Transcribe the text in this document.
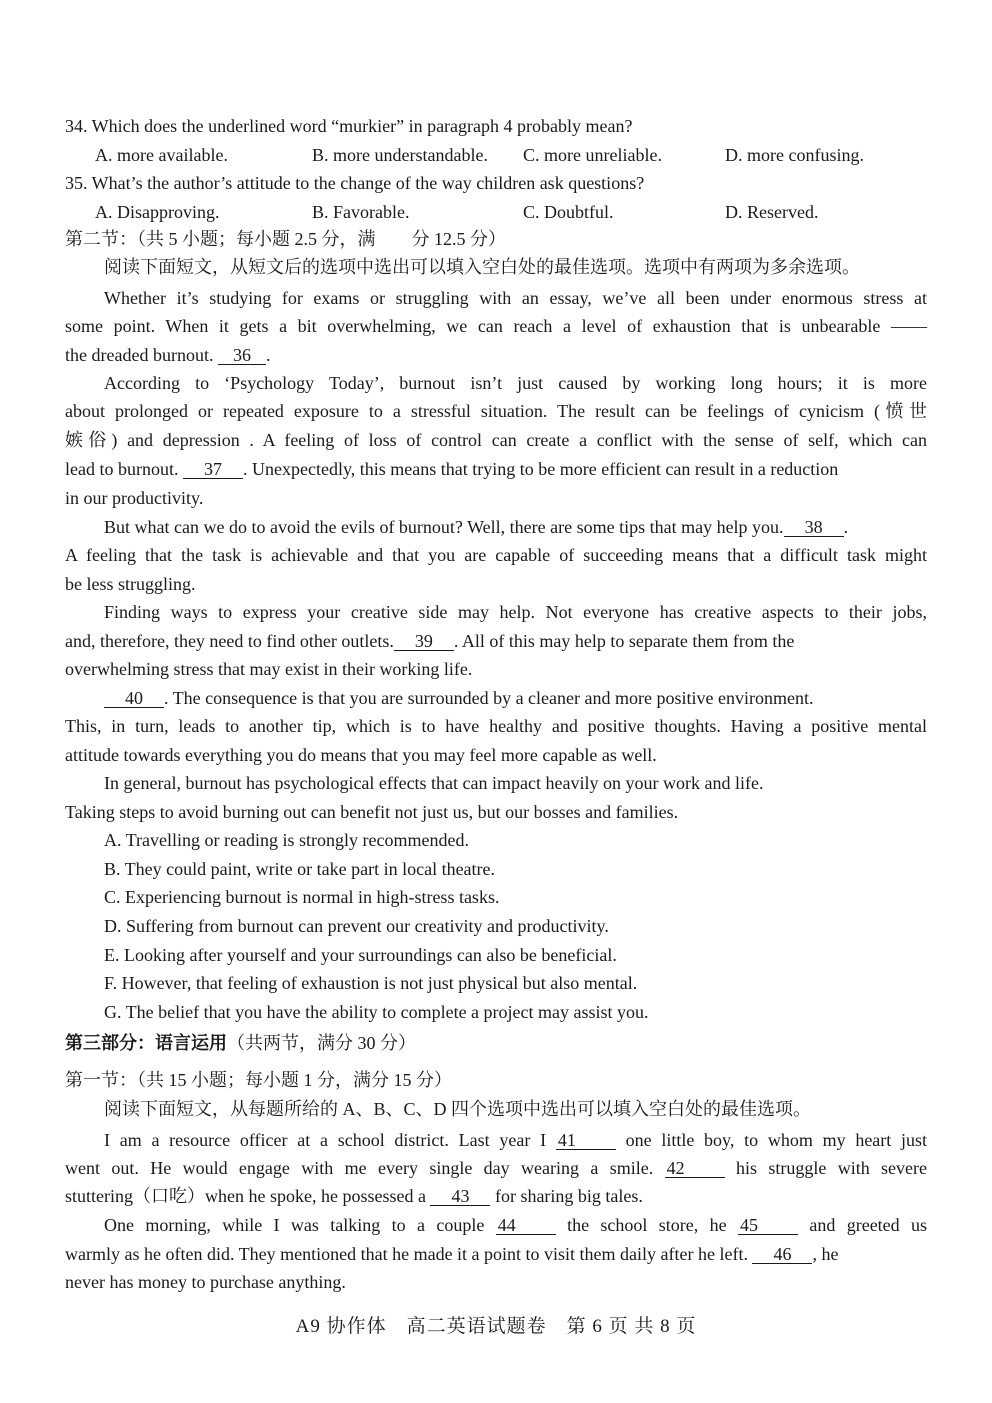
34. Which does the underlined word “murkier” in paragraph 4 probably mean?
A. more available.	B. more understandable. C. more unreliable.	D. more confusing.
35. What’s the author’s attitude to the change of the way children ask questions?
A. Disapproving.	B. Favorable.	C. Doubtful.	D. Reserved.
第二节：（共 5 小题；每小题 2.5 分，满　　分 12.5 分）
阅读下面短文，从短文后的选项中选出可以填入空白处的最佳选项。选项中有两项为多余选项。
Whether it’s studying for exams or struggling with an essay, we’ve all been under enormous stress at
some point. When it gets a bit overwhelming, we can reach a level of exhaustion that is unbearable ——
the dreaded burnout. 36 .
According to ‘Psychology Today’, burnout isn’t just caused by working long hours; it is more
about prolonged or repeated exposure to a stressful situation. The result can be feelings of cynicism (愤世
嫉俗) and depression . A feeling of loss of control can create a conflict with the sense of self, which can
lead to burnout. 37 . Unexpectedly, this means that trying to be more efficient can result in a reduction
in our productivity.
But what can we do to avoid the evils of burnout? Well, there are some tips that may help you. 38 .
A feeling that the task is achievable and that you are capable of succeeding means that a difficult task might
be less struggling.
Finding ways to express your creative side may help. Not everyone has creative aspects to their jobs,
and, therefore, they need to find other outlets. 39 . All of this may help to separate them from the
overwhelming stress that may exist in their working life.
40 . The consequence is that you are surrounded by a cleaner and more positive environment.
This, in turn, leads to another tip, which is to have healthy and positive thoughts. Having a positive mental
attitude towards everything you do means that you may feel more capable as well.
In general, burnout has psychological effects that can impact heavily on your work and life.
Taking steps to avoid burning out can benefit not just us, but our bosses and families.
A. Travelling or reading is strongly recommended.
B. They could paint, write or take part in local theatre.
C. Experiencing burnout is normal in high-stress tasks.
D. Suffering from burnout can prevent our creativity and productivity.
E. Looking after yourself and your surroundings can also be beneficial.
F. However, that feeling of exhaustion is not just physical but also mental.
G. The belief that you have the ability to complete a project may assist you.
第三部分：语言运用（共两节，满分 30 分）
第一节：（共 15 小题；每小题 1 分，满分 15 分）
阅读下面短文，从每题所给的 A、B、C、D 四个选项中选出可以填入空白处的最佳选项。
I am a resource officer at a school district. Last year I 41	one little boy, to whom my heart just
went out. He would engage with me every single day wearing a smile. 42	his struggle with severe
stuttering（口吃）when he spoke, he possessed a 43 for sharing big tales.
One morning, while I was talking to a couple 44	the school store, he 45	and greeted us
warmly as he often did. They mentioned that he made it a point to visit them daily after he left. 46 , he
never has money to purchase anything.
A9 协作体　高二英语试题卷　第 6 页 共 8 页
